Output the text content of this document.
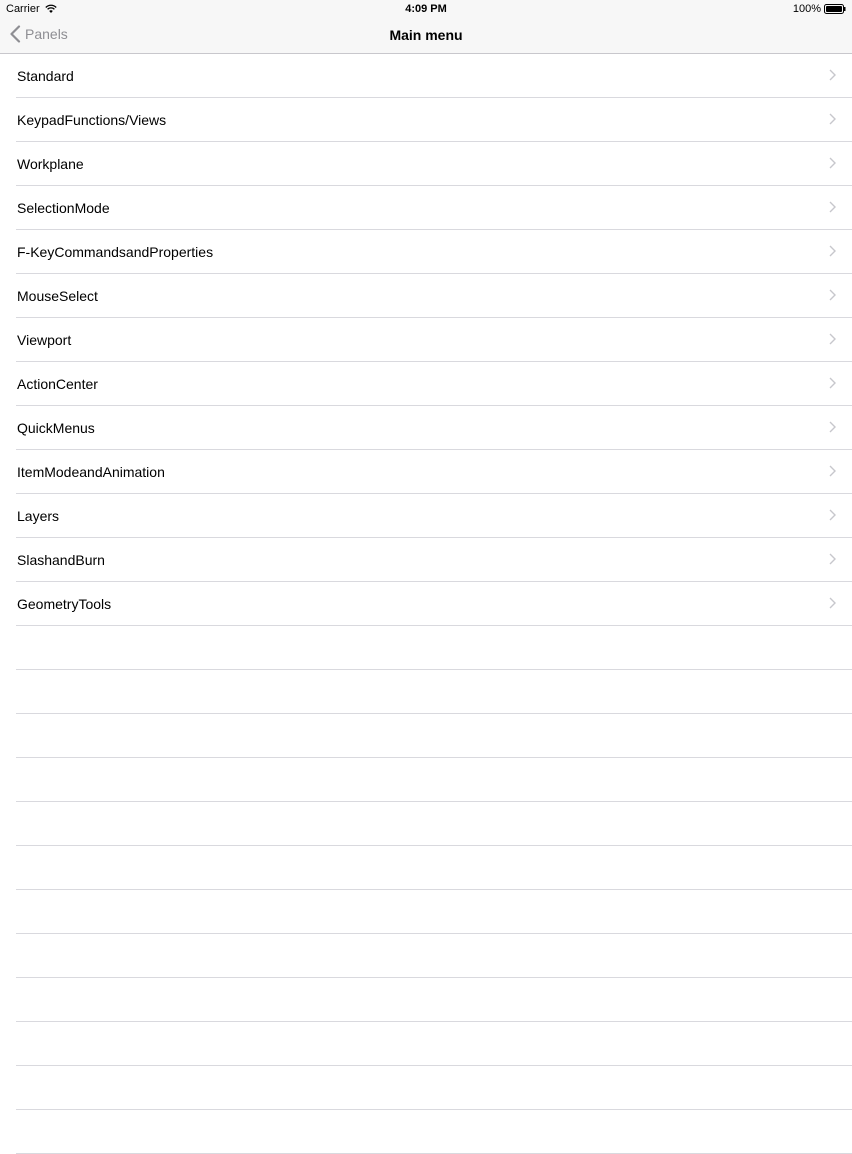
Carrier	4:09 PM	100%
Panels	Main menu
Standard
KeypadFunctions/Views
Workplane
SelectionMode
F-KeyCommandsandProperties
MouseSelect
Viewport
ActionCenter
QuickMenus
ItemModeandAnimation
Layers
SlashandBurn
GeometryTools
